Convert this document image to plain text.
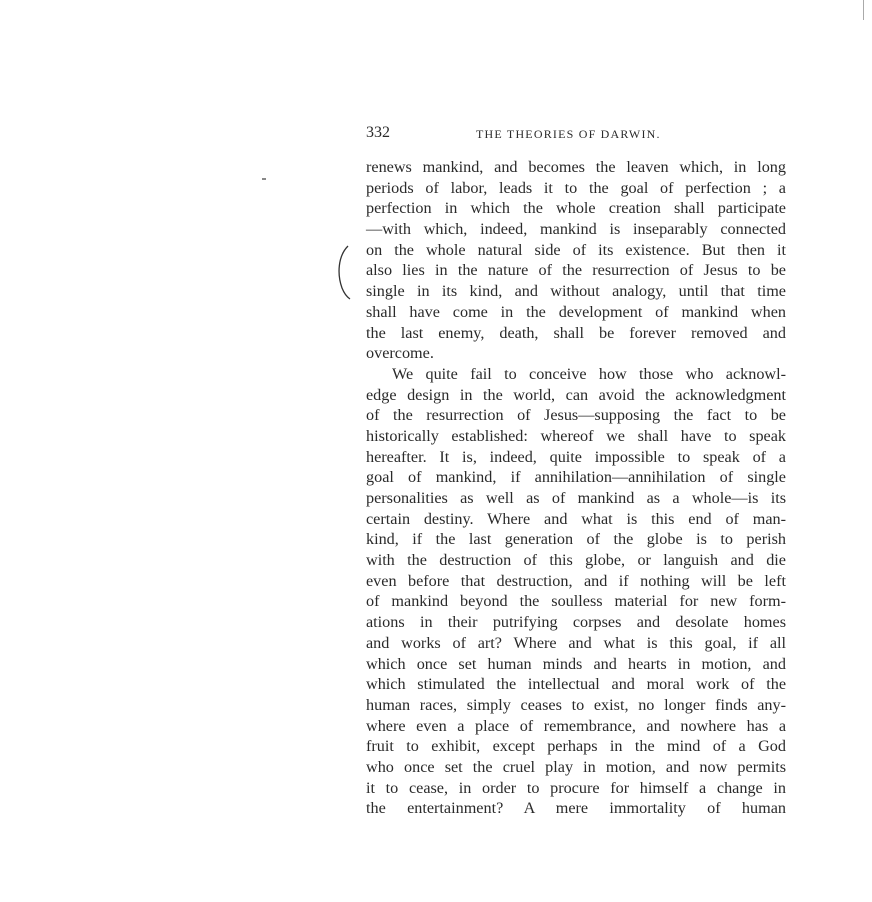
332	THE THEORIES OF DARWIN.
renews mankind, and becomes the leaven which, in long
periods of labor, leads it to the goal of perfection ; a
perfection in which the whole creation shall participate
—with which, indeed, mankind is inseparably connected
on the whole natural side of its existence. But then it
also lies in the nature of the resurrection of Jesus to be
single in its kind, and without analogy, until that time
shall have come in the development of mankind when
the last enemy, death, shall be forever removed and
overcome.
We quite fail to conceive how those who acknowl-
edge design in the world, can avoid the acknowledgment
of the resurrection of Jesus—supposing the fact to be
historically established: whereof we shall have to speak
hereafter. It is, indeed, quite impossible to speak of a
goal of mankind, if annihilation—annihilation of single
personalities as well as of mankind as a whole—is its
certain destiny. Where and what is this end of man-
kind, if the last generation of the globe is to perish
with the destruction of this globe, or languish and die
even before that destruction, and if nothing will be left
of mankind beyond the soulless material for new form-
ations in their putrifying corpses and desolate homes
and works of art? Where and what is this goal, if all
which once set human minds and hearts in motion, and
which stimulated the intellectual and moral work of the
human races, simply ceases to exist, no longer finds any-
where even a place of remembrance, and nowhere has a
fruit to exhibit, except perhaps in the mind of a God
who once set the cruel play in motion, and now permits
it to cease, in order to procure for himself a change in
the entertainment? A mere immortality of human
